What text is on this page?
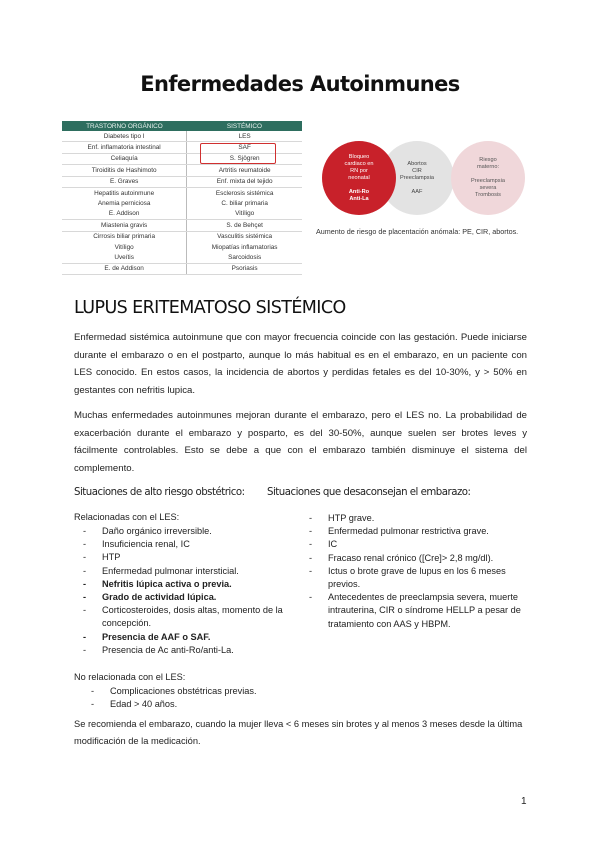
Enfermedades Autoinmunes
TRASTORNO ORGÁNICO	SISTÉMICO
Diabetes tipo I	LES
Enf. inflamatoria intestinal	SAF
Celiaquía	S. Sjögren
Tiroiditis de Hashimoto	Artritis reumatoide
E. Graves	Enf. mixta del tejido
Hepatitis autoinmune	Esclerosis sistémica
Anemia perniciosa	C. biliar primaria
E. Addison	Vitíligo
Miastenia gravis	S. de Behçet
Cirrosis biliar primaria	Vasculitis sistémica
Vitíligo	Miopatías inflamatorias
Uveítis	Sarcoidosis
E. de Addison	Psoriasis
Abortos
CIR
Preeclampsia
AAF
Bloqueo
cardiaco en
RN por
neonatal
Anti-Ro
Anti-La
Riesgo
materno:
Preeclampsia
severa
Trombosis
Aumento de riesgo de placentación anómala: PE, CIR, abortos.
LUPUS ERITEMATOSO SISTÉMICO
Enfermedad sistémica autoinmune que con mayor frecuencia coincide con las gestación. Puede iniciarse durante el embarazo o en el postparto, aunque lo más habitual es en el embarazo, en un paciente con LES conocido. En estos casos, la incidencia de abortos y perdidas fetales es del 10-30%, y > 50% en gestantes con nefritis lupica.
Muchas enfermedades autoinmunes mejoran durante el embarazo, pero el LES no. La probabilidad de exacerbación durante el embarazo y posparto, es del 30-50%, aunque suelen ser brotes leves y fácilmente controlables. Esto se debe a que con el embarazo también disminuye el sistema del complemento.
Situaciones de alto riesgo obstétrico: Situaciones que desaconsejan el embarazo:
Relacionadas con el LES:
- Daño orgánico irreversible.
- Insuficiencia renal, IC
- HTP
- Enfermedad pulmonar intersticial.
- Nefritis lúpica activa o previa.
- Grado de actividad lúpica.
- Corticosteroides, dosis altas, momento de la concepción.
- Presencia de AAF o SAF.
- Presencia de Ac anti-Ro/anti-La.
- HTP grave.
- Enfermedad pulmonar restrictiva grave.
- IC
- Fracaso renal crónico ([Cre]> 2,8 mg/dl).
- Ictus o brote grave de lupus en los 6 meses previos.
- Antecedentes de preeclampsia severa, muerte intrauterina, CIR o síndrome HELLP a pesar de tratamiento con AAS y HBPM.
No relacionada con el LES:
- Complicaciones obstétricas previas.
- Edad > 40 años.
Se recomienda el embarazo, cuando la mujer lleva < 6 meses sin brotes y al menos 3 meses desde la última modificación de la medicación.
1
